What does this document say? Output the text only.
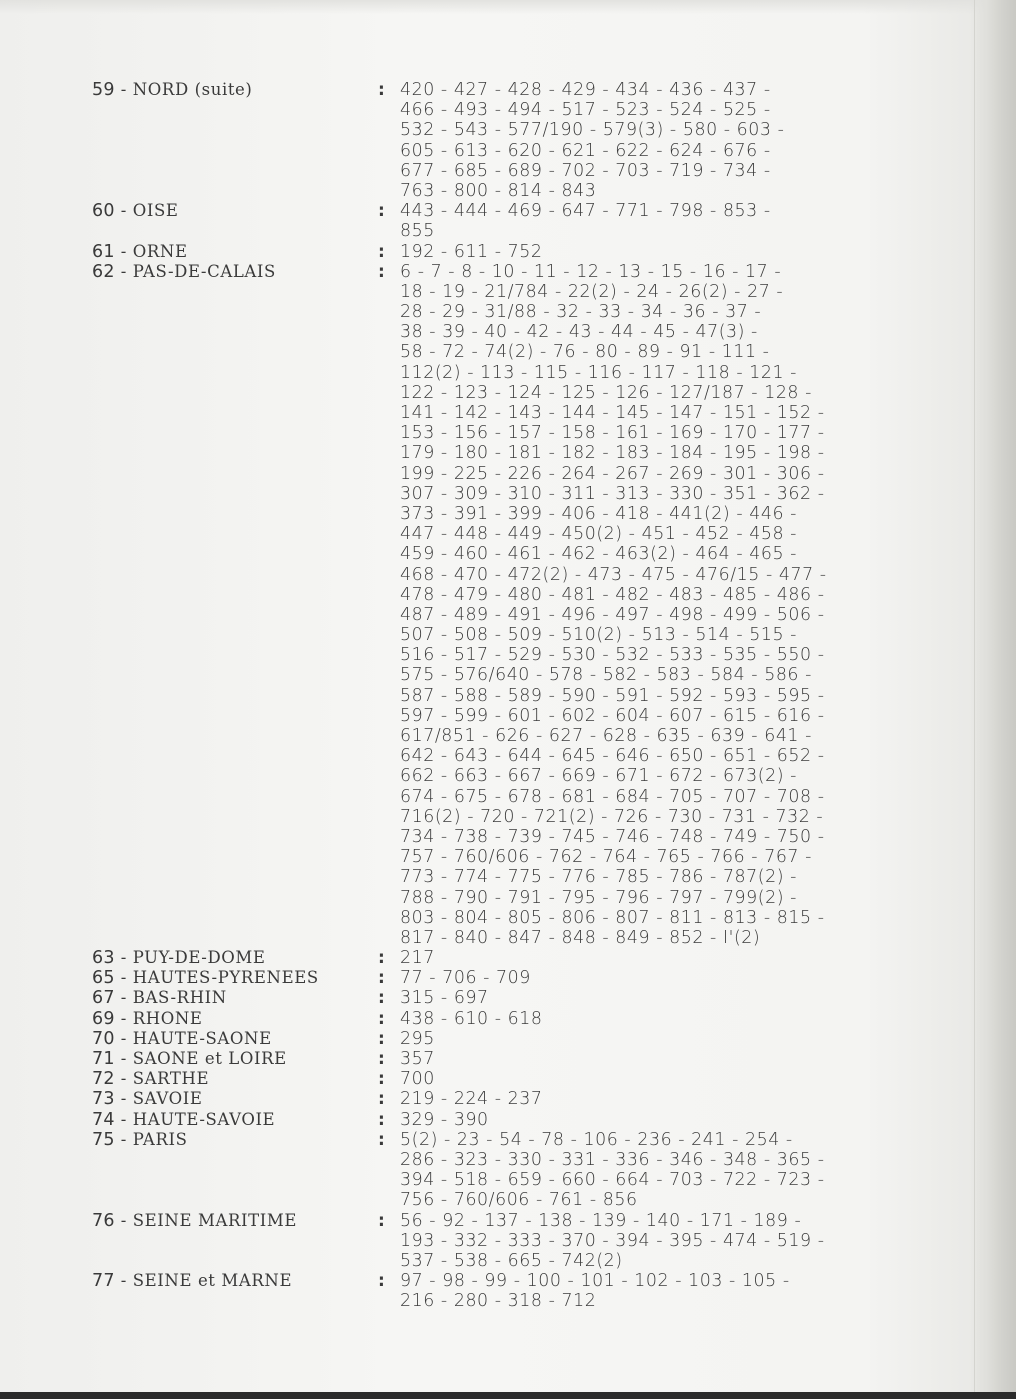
59 - NORD (suite)	: 420 - 427 - 428 - 429 - 434 - 436 - 437 -
466 - 493 - 494 - 517 - 523 - 524 - 525 -
532 - 543 - 577/190 - 579(3) - 580 - 603 -
605 - 613 - 620 - 621 - 622 - 624 - 676 -
677 - 685 - 689 - 702 - 703 - 719 - 734 -
763 - 800 - 814 - 843
60 - OISE	: 443 - 444 - 469 - 647 - 771 - 798 - 853 -
855
61 - ORNE	: 192 - 611 - 752
62 - PAS-DE-CALAIS	: 6 - 7 - 8 - 10 - 11 - 12 - 13 - 15 - 16 - 17 -
18 - 19 - 21/784 - 22(2) - 24 - 26(2) - 27 -
28 - 29 - 31/88 - 32 - 33 - 34 - 36 - 37 -
38 - 39 - 40 - 42 - 43 - 44 - 45 - 47(3) -
58 - 72 - 74(2) - 76 - 80 - 89 - 91 - 111 -
112(2) - 113 - 115 - 116 - 117 - 118 - 121 -
122 - 123 - 124 - 125 - 126 - 127/187 - 128 -
141 - 142 - 143 - 144 - 145 - 147 - 151 - 152 -
153 - 156 - 157 - 158 - 161 - 169 - 170 - 177 -
179 - 180 - 181 - 182 - 183 - 184 - 195 - 198 -
199 - 225 - 226 - 264 - 267 - 269 - 301 - 306 -
307 - 309 - 310 - 311 - 313 - 330 - 351 - 362 -
373 - 391 - 399 - 406 - 418 - 441(2) - 446 -
447 - 448 - 449 - 450(2) - 451 - 452 - 458 -
459 - 460 - 461 - 462 - 463(2) - 464 - 465 -
468 - 470 - 472(2) - 473 - 475 - 476/15 - 477 -
478 - 479 - 480 - 481 - 482 - 483 - 485 - 486 -
487 - 489 - 491 - 496 - 497 - 498 - 499 - 506 -
507 - 508 - 509 - 510(2) - 513 - 514 - 515 -
516 - 517 - 529 - 530 - 532 - 533 - 535 - 550 -
575 - 576/640 - 578 - 582 - 583 - 584 - 586 -
587 - 588 - 589 - 590 - 591 - 592 - 593 - 595 -
597 - 599 - 601 - 602 - 604 - 607 - 615 - 616 -
617/851 - 626 - 627 - 628 - 635 - 639 - 641 -
642 - 643 - 644 - 645 - 646 - 650 - 651 - 652 -
662 - 663 - 667 - 669 - 671 - 672 - 673(2) -
674 - 675 - 678 - 681 - 684 - 705 - 707 - 708 -
716(2) - 720 - 721(2) - 726 - 730 - 731 - 732 -
734 - 738 - 739 - 745 - 746 - 748 - 749 - 750 -
757 - 760/606 - 762 - 764 - 765 - 766 - 767 -
773 - 774 - 775 - 776 - 785 - 786 - 787(2) -
788 - 790 - 791 - 795 - 796 - 797 - 799(2) -
803 - 804 - 805 - 806 - 807 - 811 - 813 - 815 -
817 - 840 - 847 - 848 - 849 - 852 - I'(2)
63 - PUY-DE-DOME	: 217
65 - HAUTES-PYRENEES	: 77 - 706 - 709
67 - BAS-RHIN	: 315 - 697
69 - RHONE	: 438 - 610 - 618
70 - HAUTE-SAONE	: 295
71 - SAONE et LOIRE	: 357
72 - SARTHE	: 700
73 - SAVOIE	: 219 - 224 - 237
74 - HAUTE-SAVOIE	: 329 - 390
75 - PARIS	: 5(2) - 23 - 54 - 78 - 106 - 236 - 241 - 254 -
286 - 323 - 330 - 331 - 336 - 346 - 348 - 365 -
394 - 518 - 659 - 660 - 664 - 703 - 722 - 723 -
756 - 760/606 - 761 - 856
76 - SEINE MARITIME	: 56 - 92 - 137 - 138 - 139 - 140 - 171 - 189 -
193 - 332 - 333 - 370 - 394 - 395 - 474 - 519 -
537 - 538 - 665 - 742(2)
77 - SEINE et MARNE	: 97 - 98 - 99 - 100 - 101 - 102 - 103 - 105 -
216 - 280 - 318 - 712
